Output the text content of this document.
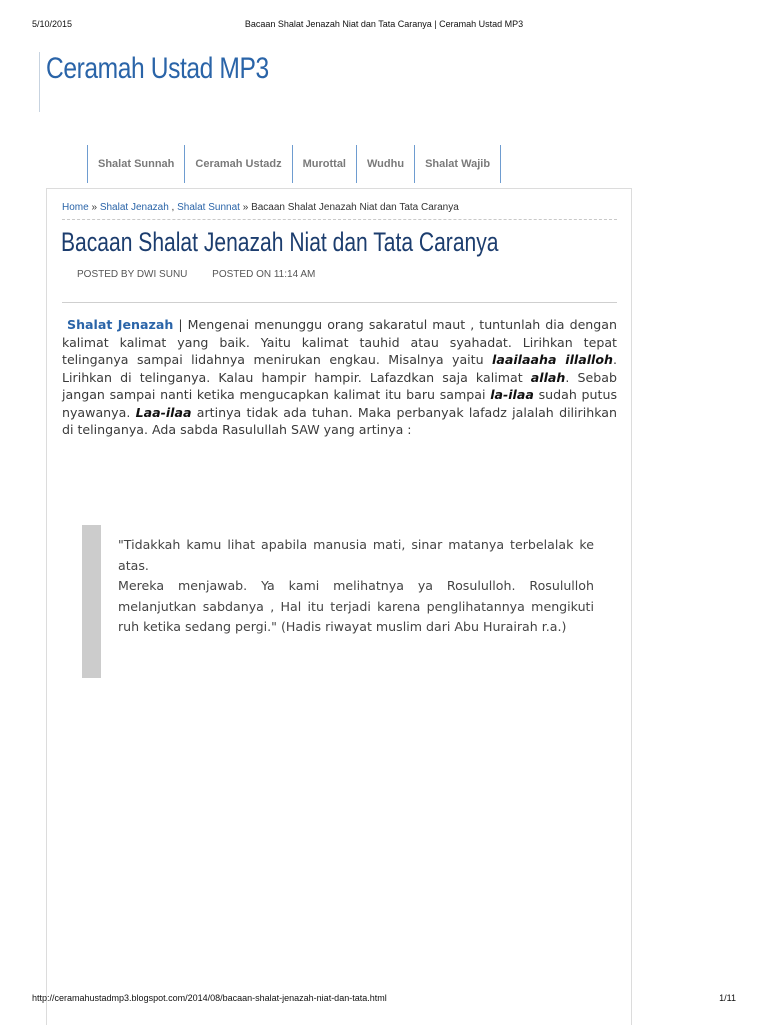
5/10/2015	Bacaan Shalat Jenazah Niat dan Tata Caranya | Ceramah Ustad MP3
Ceramah Ustad MP3
Shalat Sunnah	Ceramah Ustadz	Murottal	Wudhu	Shalat Wajib
Home » Shalat Jenazah , Shalat Sunnat » Bacaan Shalat Jenazah Niat dan Tata Caranya
Bacaan Shalat Jenazah Niat dan Tata Caranya
POSTED BY DWI SUNU POSTED ON 11:14 AM
Shalat Jenazah | Mengenai menunggu orang sakaratul maut , tuntunlah dia dengan kalimat kalimat yang baik. Yaitu kalimat tauhid atau syahadat. Lirihkan tepat telinganya sampai lidahnya menirukan engkau. Misalnya yaitu laailaaha illalloh. Lirihkan di telinganya. Kalau hampir hampir. Lafazdkan saja kalimat allah. Sebab jangan sampai nanti ketika mengucapkan kalimat itu baru sampai la-ilaa sudah putus nyawanya. Laa-ilaa artinya tidak ada tuhan. Maka perbanyak lafadz jalalah dilirihkan di telinganya. Ada sabda Rasulullah SAW yang artinya :
"Tidakkah kamu lihat apabila manusia mati, sinar matanya terbelalak ke atas.
Mereka menjawab. Ya kami melihatnya ya Rosululloh. Rosululloh melanjutkan sabdanya , Hal itu terjadi karena penglihatannya mengikuti ruh ketika sedang pergi." (Hadis riwayat muslim dari Abu Hurairah r.a.)
http://ceramahustadmp3.blogspot.com/2014/08/bacaan-shalat-jenazah-niat-dan-tata.html	1/11
